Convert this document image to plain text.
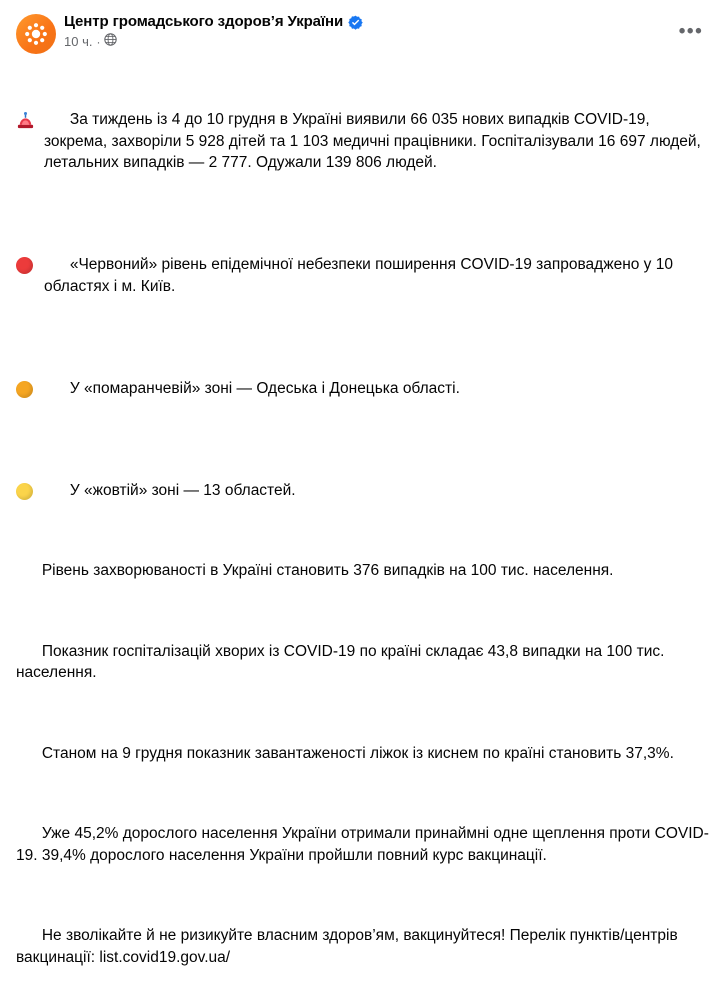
Центр громадського здоров’я України
10 ч. ·	•••

За тиждень із 4 до 10 грудня в Україні виявили 66 035 нових випадків COVID-19, зокрема, захворіли 5 928 дітей та 1 103 медичні працівники. Госпіталізували 16 697 людей, летальних випадків — 2 777. Одужали 139 806 людей.

«Червоний» рівень епідемічної небезпеки поширення COVID-19 запроваджено у 10 областях і м. Київ.

У «помаранчевій» зоні — Одеська і Донецька області.

У «жовтій» зоні — 13 областей.

Рівень захворюваності в Україні становить 376 випадків на 100 тис. населення.

Показник госпіталізацій хворих із COVID-19 по країні складає 43,8 випадки на 100 тис. населення.

Станом на 9 грудня показник завантаженості ліжок із киснем по країні становить 37,3%.

Уже 45,2% дорослого населення України отримали принаймні одне щеплення проти COVID-19. 39,4% дорослого населення України пройшли повний курс вакцинації.

Не зволікайте й не ризикуйте власним здоров’ям, вакцинуйтеся! Перелік пунктів/центрів вакцинації: list.covid19.gov.ua/
